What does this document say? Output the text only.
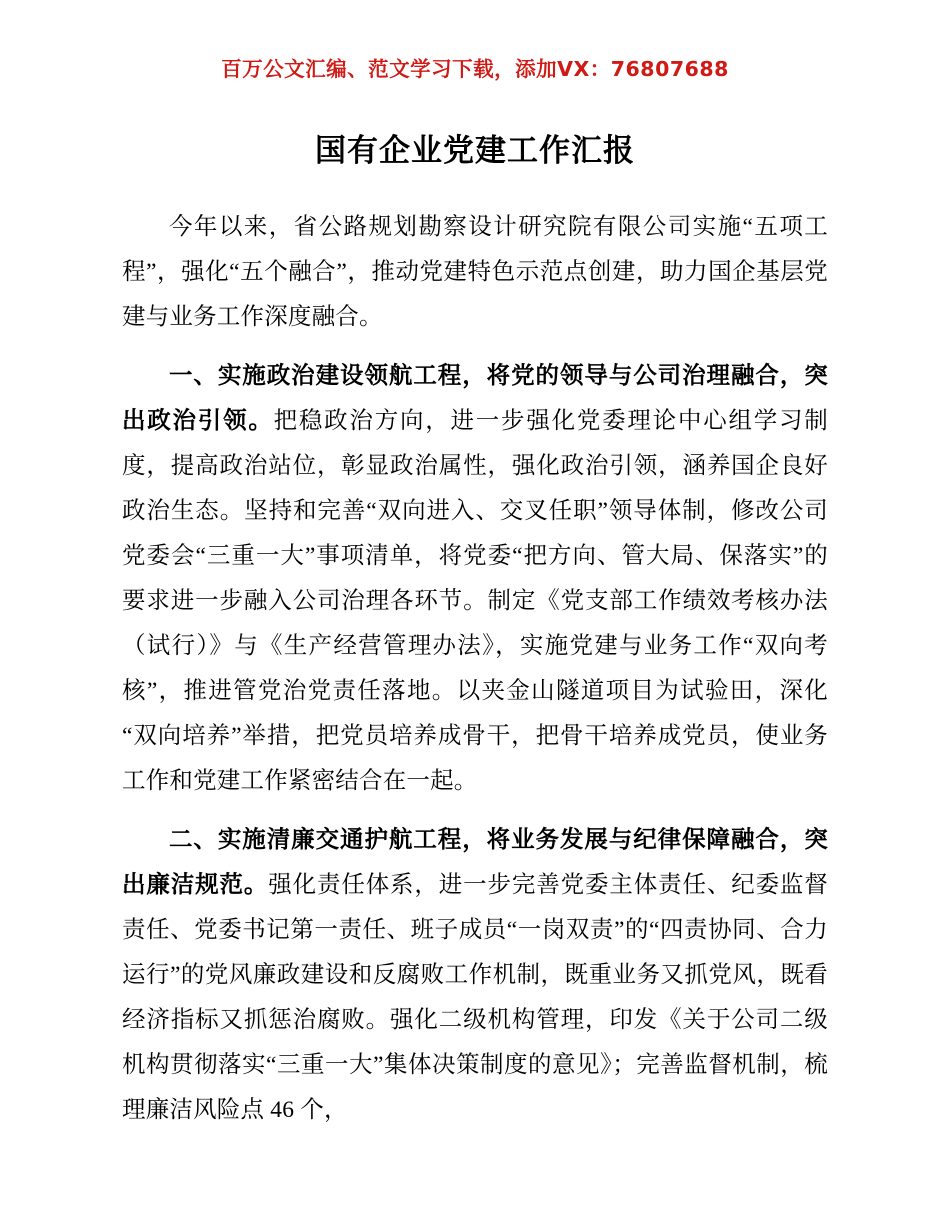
百万公文汇编、范文学习下载，添加VX：76807688
国有企业党建工作汇报

今年以来，省公路规划勘察设计研究院有限公司实施“五项工程”，强化“五个融合”，推动党建特色示范点创建，助力国企基层党建与业务工作深度融合。

一、实施政治建设领航工程，将党的领导与公司治理融合，突出政治引领。把稳政治方向，进一步强化党委理论中心组学习制度，提高政治站位，彰显政治属性，强化政治引领，涵养国企良好政治生态。坚持和完善“双向进入、交叉任职”领导体制，修改公司党委会“三重一大”事项清单，将党委“把方向、管大局、保落实”的要求进一步融入公司治理各环节。制定《党支部工作绩效考核办法（试行）》与《生产经营管理办法》，实施党建与业务工作“双向考核”，推进管党治党责任落地。以夹金山隧道项目为试验田，深化“双向培养”举措，把党员培养成骨干，把骨干培养成党员，使业务工作和党建工作紧密结合在一起。

二、实施清廉交通护航工程，将业务发展与纪律保障融合，突出廉洁规范。强化责任体系，进一步完善党委主体责任、纪委监督责任、党委书记第一责任、班子成员“一岗双责”的“四责协同、合力运行”的党风廉政建设和反腐败工作机制，既重业务又抓党风，既看经济指标又抓惩治腐败。强化二级机构管理，印发《关于公司二级机构贯彻落实“三重一大”集体决策制度的意见》；完善监督机制，梳理廉洁风险点 46 个，
